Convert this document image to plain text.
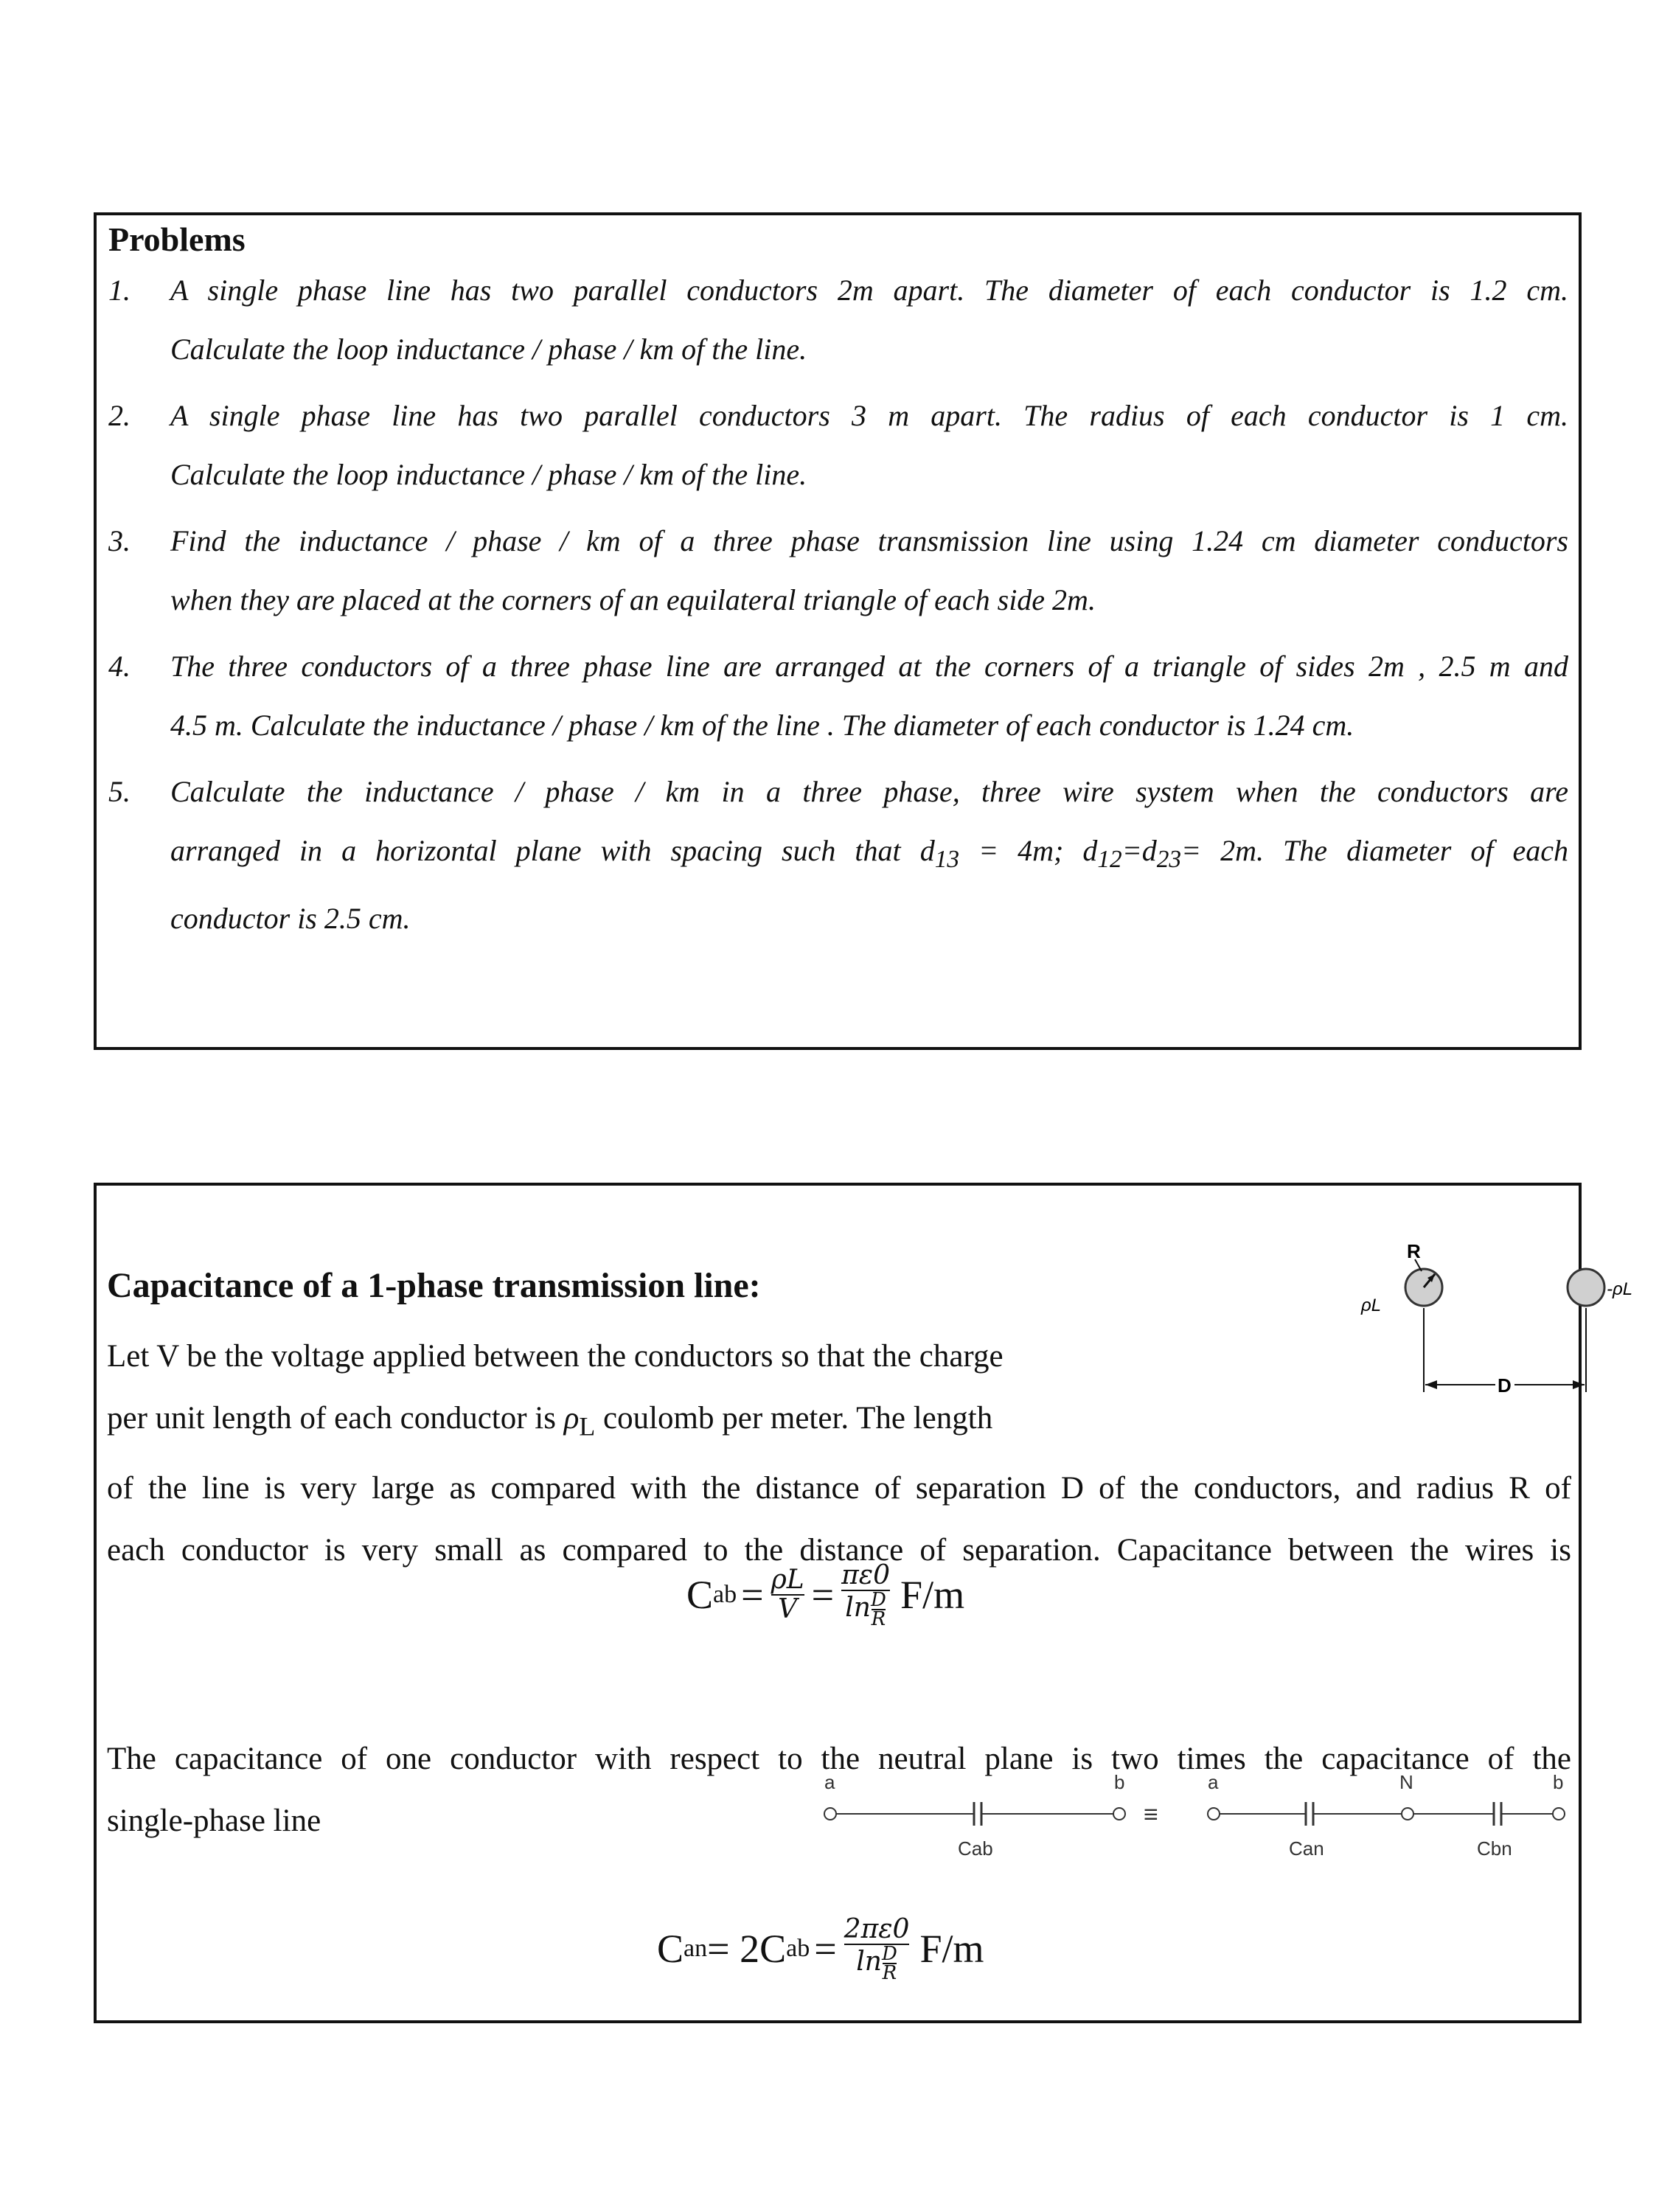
Problems
1. A single phase line has two parallel conductors 2m apart. The diameter of each conductor is 1.2 cm.
Calculate the loop inductance / phase / km of the line.
2. A single phase line has two parallel conductors 3 m apart. The radius of each conductor is 1 cm.
Calculate the loop inductance / phase / km of the line.
3. Find the inductance / phase / km of a three phase transmission line using 1.24 cm diameter conductors
when they are placed at the corners of an equilateral triangle of each side 2m.
4. The three conductors of a three phase line are arranged at the corners of a triangle of sides 2m , 2.5 m and
4.5 m. Calculate the inductance / phase / km of the line . The diameter of each conductor is 1.24 cm.
5. Calculate the inductance / phase / km in a three phase, three wire system when the conductors are
arranged in a horizontal plane with spacing such that $d_{13} = 4m$; $d_{12}=d_{23}= 2m$. The diameter of each
conductor is 2.5 cm.
Capacitance of a 1-phase transmission line:
R
ρL
-ρL
D
Let V be the voltage applied between the conductors so that the charge
per unit length of each conductor is $\rho_L$ coulomb per meter. The length
of the line is very large as compared with the distance of separation D of the conductors, and radius R of
each conductor is very small as compared to the distance of separation. Capacitance between the wires is
C ab = $\frac{\rho L}{V} = \frac{\pi\varepsilon 0}{\ln \frac{D}{R}} F/m$
The capacitance of one conductor with respect to the neutral plane is two times the capacitance of the
single-phase line
a	b
Cab
≡
a	N	b
Can	Cbn
C an = 2C ab = $\frac{2\pi\varepsilon 0}{\ln \frac{D}{R}} F/m$
